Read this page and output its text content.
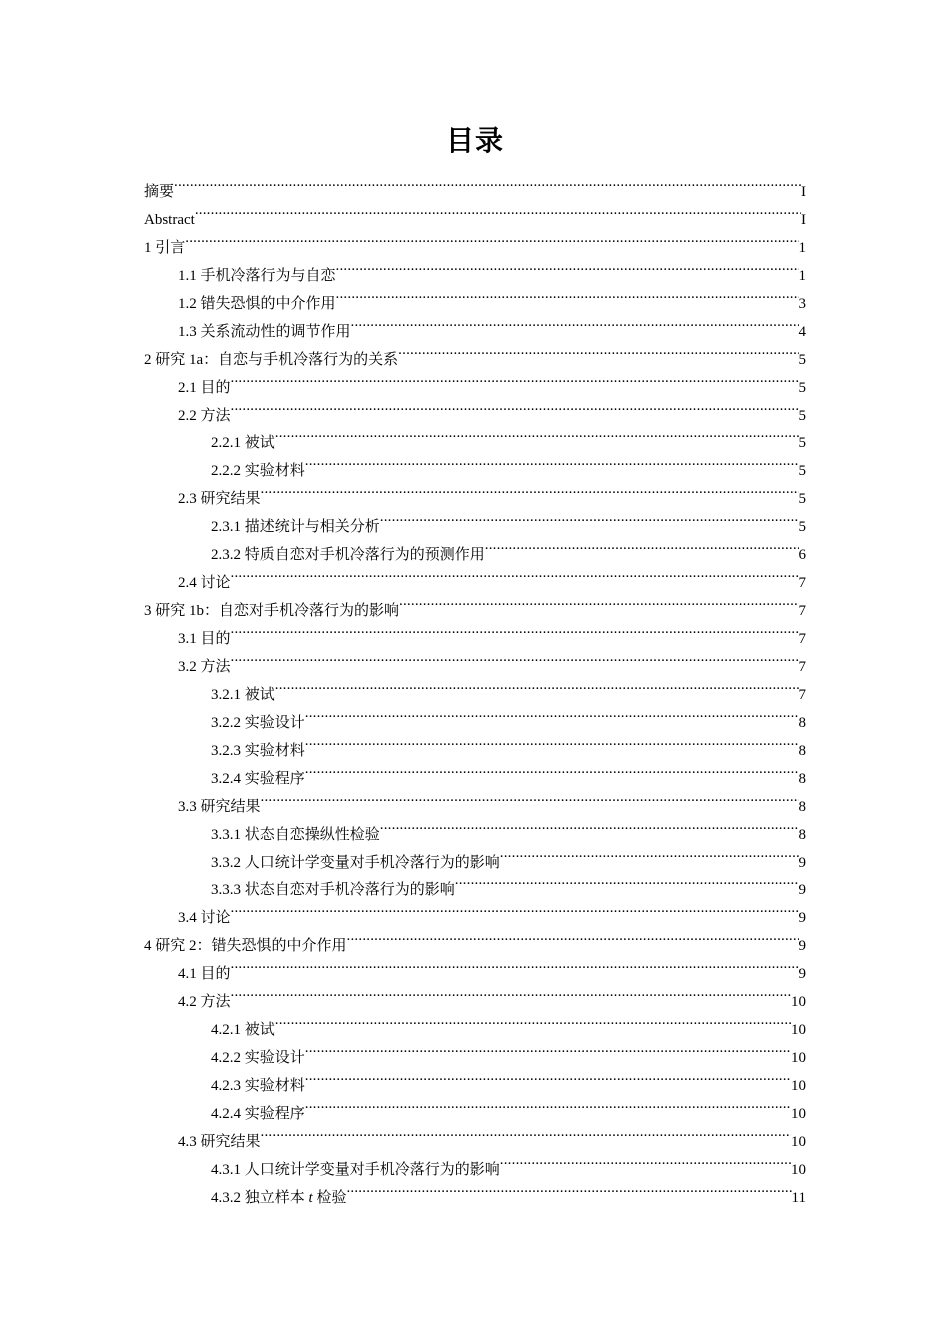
目录
摘要 .....	I
Abstract .....	I
1 引言 .....	1
1.1 手机冷落行为与自恋 .....	1
1.2 错失恐惧的中介作用 .....	3
1.3 关系流动性的调节作用 .....	4
2 研究 1a：自恋与手机冷落行为的关系 .....	5
2.1 目的 .....	5
2.2 方法 .....	5
2.2.1 被试 .....	5
2.2.2 实验材料 .....	5
2.3 研究结果 .....	5
2.3.1 描述统计与相关分析 .....	5
2.3.2 特质自恋对手机冷落行为的预测作用 .....	6
2.4 讨论 .....	7
3 研究 1b：自恋对手机冷落行为的影响 .....	7
3.1 目的 .....	7
3.2 方法 .....	7
3.2.1 被试 .....	7
3.2.2 实验设计 .....	8
3.2.3 实验材料 .....	8
3.2.4 实验程序 .....	8
3.3 研究结果 .....	8
3.3.1 状态自恋操纵性检验 .....	8
3.3.2 人口统计学变量对手机冷落行为的影响 .....	9
3.3.3 状态自恋对手机冷落行为的影响 .....	9
3.4 讨论 .....	9
4 研究 2：错失恐惧的中介作用 .....	9
4.1 目的 .....	9
4.2 方法 .....	10
4.2.1 被试 .....	10
4.2.2 实验设计 .....	10
4.2.3 实验材料 .....	10
4.2.4 实验程序 .....	10
4.3 研究结果 .....	10
4.3.1 人口统计学变量对手机冷落行为的影响 .....	10
4.3.2 独立样本 t 检验 .....	11
